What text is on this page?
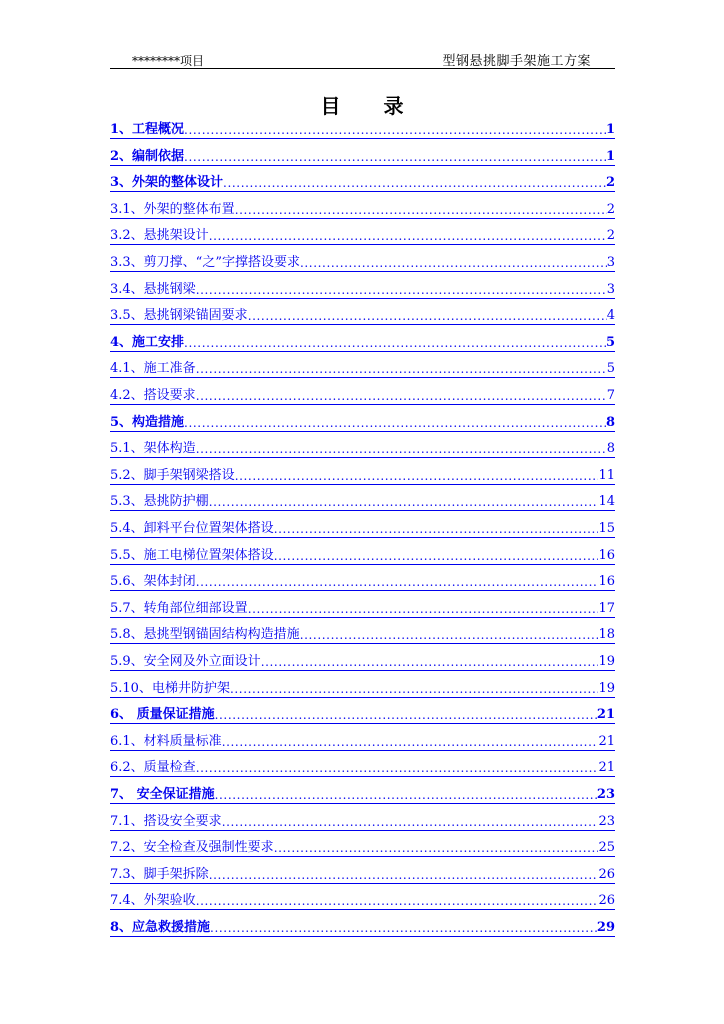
********项目	型钢悬挑脚手架施工方案
目 录
1、工程概况 .....	1
2、编制依据 .....	1
3、外架的整体设计 .....	2
3.1、外架的整体布置 .....	2
3.2、悬挑架设计 .....	2
3.3、剪刀撑、“之”字撑搭设要求 .....	3
3.4、悬挑钢梁 .....	3
3.5、悬挑钢梁锚固要求 .....	4
4、施工安排 .....	5
4.1、施工准备 .....	5
4.2、搭设要求 .....	7
5、构造措施 .....	8
5.1、架体构造 .....	8
5.2、脚手架钢梁搭设 .....	11
5.3、悬挑防护棚 .....	14
5.4、卸料平台位置架体搭设 .....	15
5.5、施工电梯位置架体搭设 .....	16
5.6、架体封闭 .....	16
5.7、转角部位细部设置 .....	17
5.8、悬挑型钢锚固结构构造措施 .....	18
5.9、安全网及外立面设计 .....	19
5.10、电梯井防护架 .....	19
6、 质量保证措施 .....	21
6.1、材料质量标准 .....	21
6.2、质量检查 .....	21
7、 安全保证措施 .....	23
7.1、搭设安全要求 .....	23
7.2、安全检查及强制性要求 .....	25
7.3、脚手架拆除 .....	26
7.4、外架验收 .....	26
8、应急救援措施 .....	29
